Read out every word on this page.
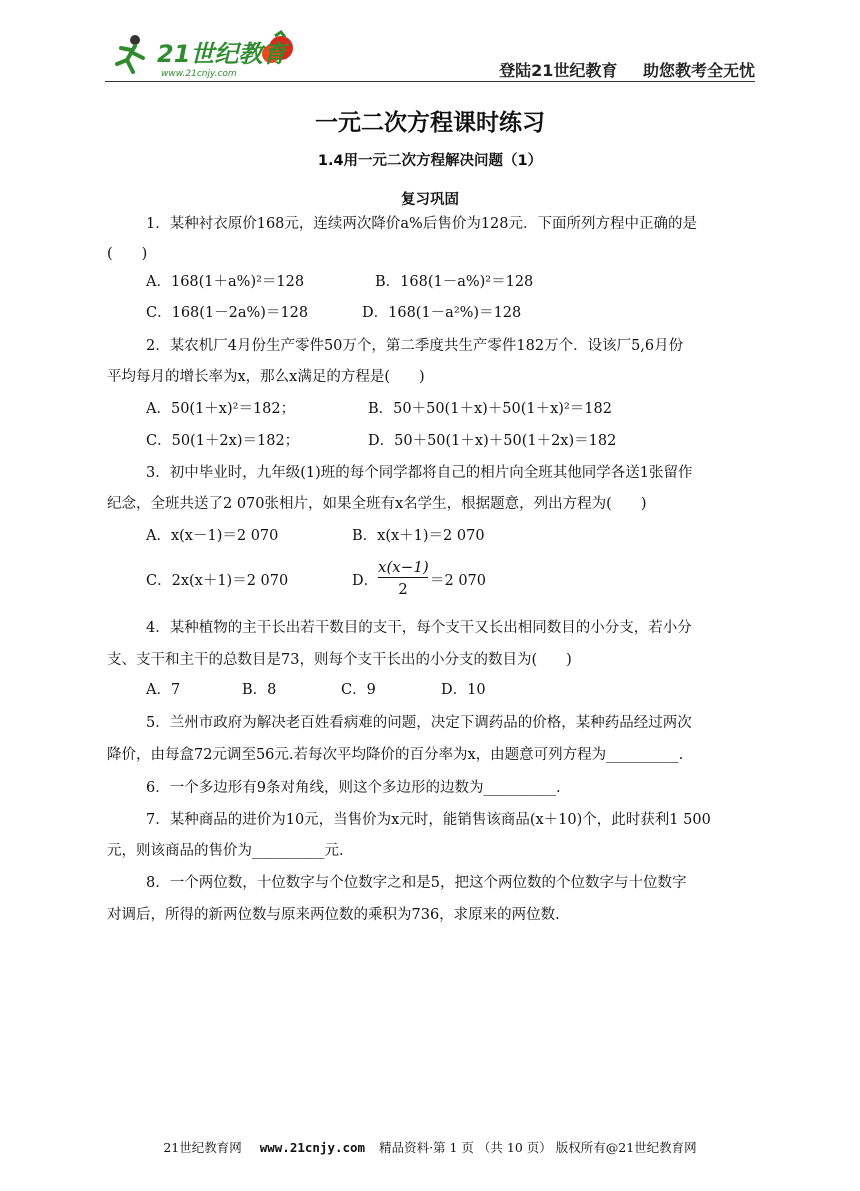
21世纪教育
www.21cnjy.com	登陆21世纪教育 助您教考全无忧
一元二次方程课时练习
1.4用一元二次方程解决问题（1）
复习巩固
1．某种衬衣原价168元，连续两次降价a%后售价为128元．下面所列方程中正确的是
(　　)
A．168(1＋a%)²＝128	B．168(1－a%)²＝128
C．168(1－2a%)＝128	D．168(1－a²%)＝128
2．某农机厂4月份生产零件50万个，第二季度共生产零件182万个．设该厂5,6月份
平均每月的增长率为x，那么x满足的方程是(　　)
A．50(1＋x)²＝182；	B．50＋50(1＋x)＋50(1＋x)²＝182
C．50(1＋2x)＝182；	D．50＋50(1＋x)＋50(1＋2x)＝182
3．初中毕业时，九年级(1)班的每个同学都将自己的相片向全班其他同学各送1张留作
纪念，全班共送了2 070张相片，如果全班有x名学生，根据题意，列出方程为(　　)
A．x(x－1)＝2 070	B．x(x＋1)＝2 070
C．2x(x＋1)＝2 070	D．
x(x−1)
2	＝2 070
4．某种植物的主干长出若干数目的支干，每个支干又长出相同数目的小分支，若小分
支、支干和主干的总数目是73，则每个支干长出的小分支的数目为(　　)
A．7	B．8	C．9	D．10
5．兰州市政府为解决老百姓看病难的问题，决定下调药品的价格，某种药品经过两次
降价，由每盒72元调至56元.若每次平均降价的百分率为x，由题意可列方程为__________.
6．一个多边形有9条对角线，则这个多边形的边数为__________.
7．某种商品的进价为10元，当售价为x元时，能销售该商品(x＋10)个，此时获利1 500
元，则该商品的售价为__________元.
8．一个两位数，十位数字与个位数字之和是5，把这个两位数的个位数字与十位数字
对调后，所得的新两位数与原来两位数的乘积为736，求原来的两位数.
21世纪教育网 www.21cnjy.com 精品资料·第 1 页 （共 10 页） 版权所有@21世纪教育网
